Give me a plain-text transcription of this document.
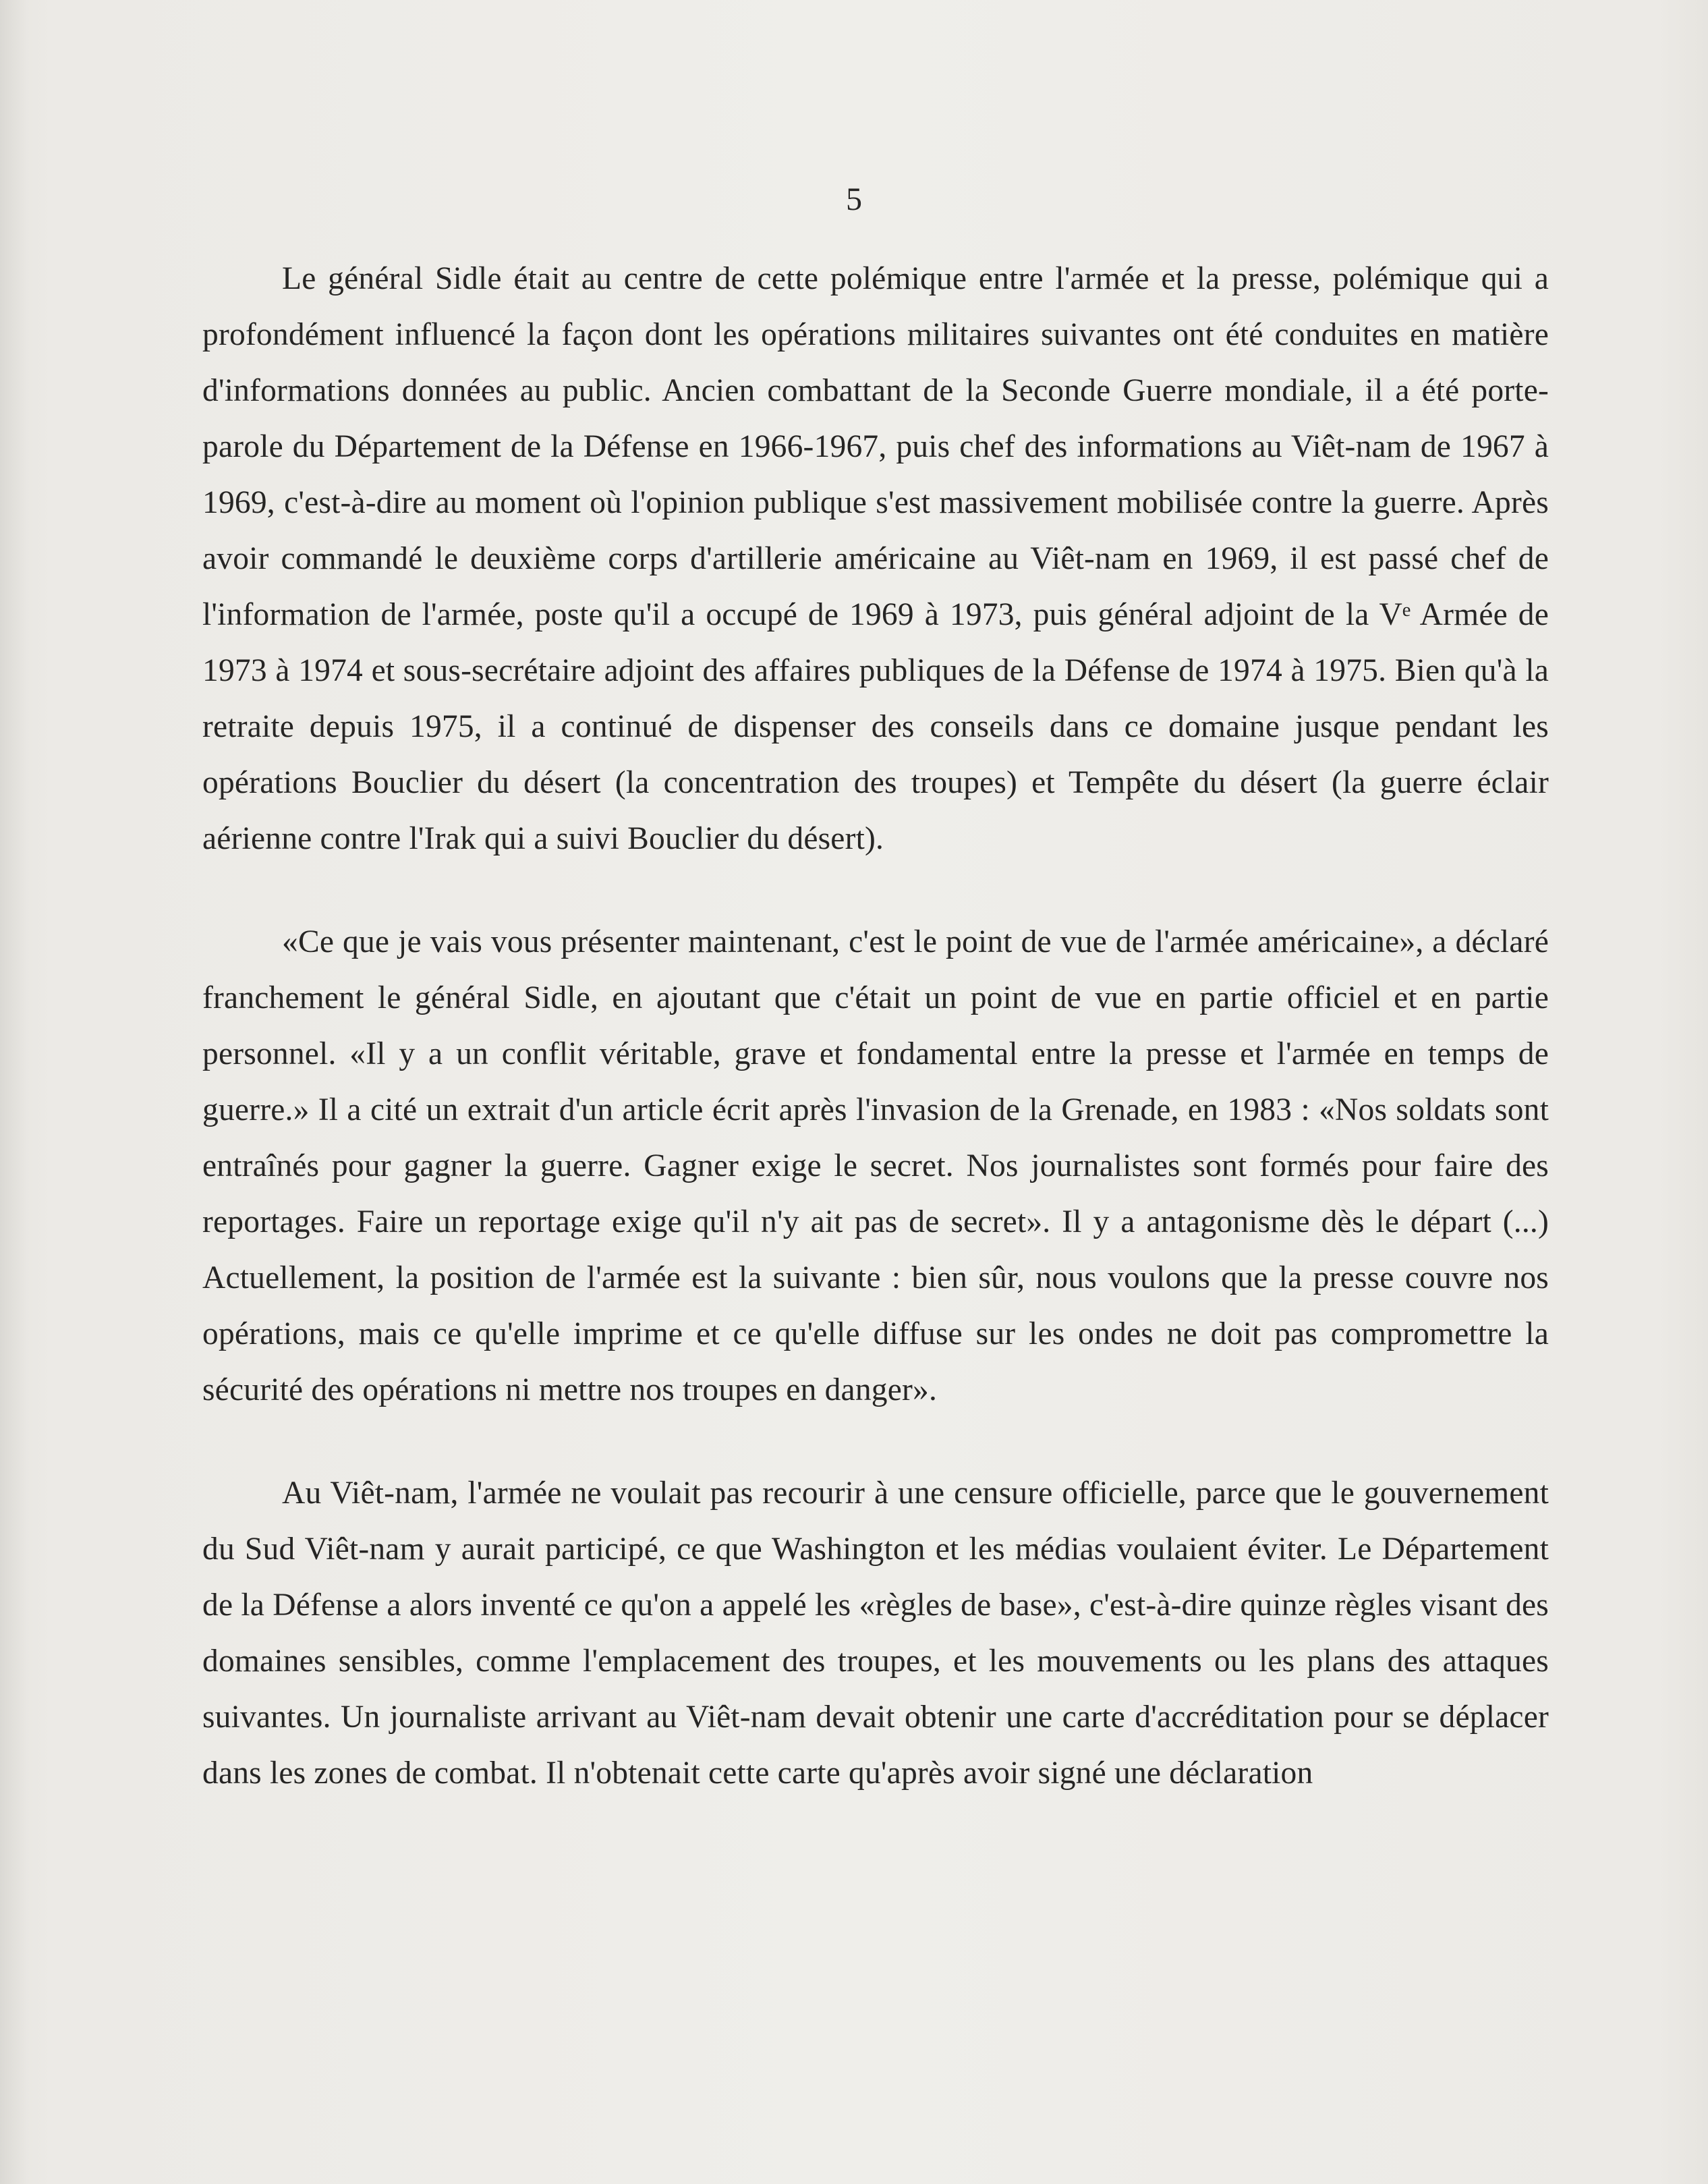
5

Le général Sidle était au centre de cette polémique entre l'armée et la presse, polémique qui a profondément influencé la façon dont les opérations militaires suivantes ont été conduites en matière d'informations données au public. Ancien combattant de la Seconde Guerre mondiale, il a été porte-parole du Département de la Défense en 1966-1967, puis chef des informations au Viêt-nam de 1967 à 1969, c'est-à-dire au moment où l'opinion publique s'est massivement mobilisée contre la guerre. Après avoir commandé le deuxième corps d'artillerie américaine au Viêt-nam en 1969, il est passé chef de l'information de l'armée, poste qu'il a occupé de 1969 à 1973, puis général adjoint de la Vᵉ Armée de 1973 à 1974 et sous-secrétaire adjoint des affaires publiques de la Défense de 1974 à 1975. Bien qu'à la retraite depuis 1975, il a continué de dispenser des conseils dans ce domaine jusque pendant les opérations Bouclier du désert (la concentration des troupes) et Tempête du désert (la guerre éclair aérienne contre l'Irak qui a suivi Bouclier du désert).

«Ce que je vais vous présenter maintenant, c'est le point de vue de l'armée américaine», a déclaré franchement le général Sidle, en ajoutant que c'était un point de vue en partie officiel et en partie personnel. «Il y a un conflit véritable, grave et fondamental entre la presse et l'armée en temps de guerre.» Il a cité un extrait d'un article écrit après l'invasion de la Grenade, en 1983 : «Nos soldats sont entraînés pour gagner la guerre. Gagner exige le secret. Nos journalistes sont formés pour faire des reportages. Faire un reportage exige qu'il n'y ait pas de secret». Il y a antagonisme dès le départ (...) Actuellement, la position de l'armée est la suivante : bien sûr, nous voulons que la presse couvre nos opérations, mais ce qu'elle imprime et ce qu'elle diffuse sur les ondes ne doit pas compromettre la sécurité des opérations ni mettre nos troupes en danger».

Au Viêt-nam, l'armée ne voulait pas recourir à une censure officielle, parce que le gouvernement du Sud Viêt-nam y aurait participé, ce que Washington et les médias voulaient éviter. Le Département de la Défense a alors inventé ce qu'on a appelé les «règles de base», c'est-à-dire quinze règles visant des domaines sensibles, comme l'emplacement des troupes, et les mouvements ou les plans des attaques suivantes. Un journaliste arrivant au Viêt-nam devait obtenir une carte d'accréditation pour se déplacer dans les zones de combat. Il n'obtenait cette carte qu'après avoir signé une déclaration
